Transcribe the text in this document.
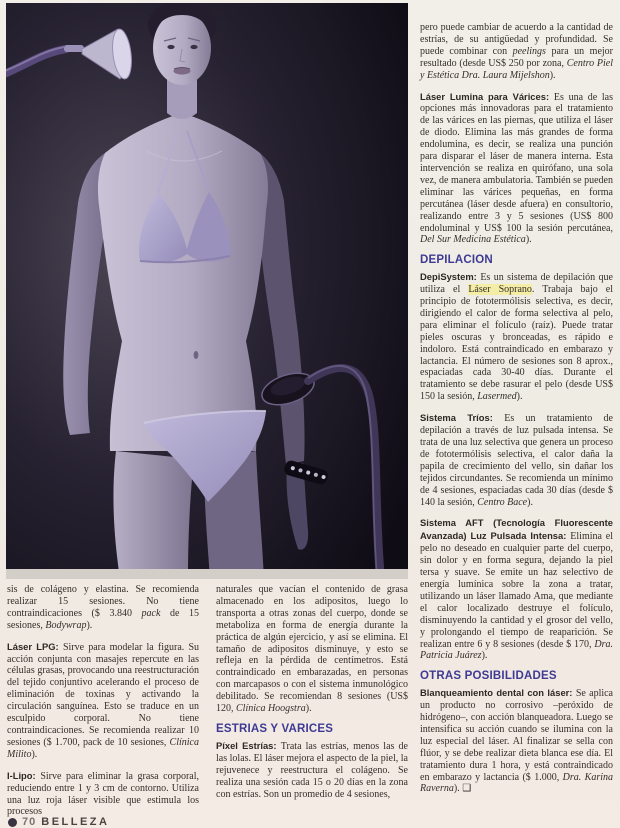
sis de colágeno y elastina. Se recomienda realizar 15 sesiones. No tiene contraindicaciones ($ 3.840 pack de 15 sesiones, Bodywrap).

Láser LPG: Sirve para modelar la figura. Su acción conjunta con masajes repercute en las células grasas, provocando una reestructuración del tejido conjuntivo acelerando el proceso de eliminación de toxinas y activando la circulación sanguínea. Esto se traduce en un esculpido corporal. No tiene contraindicaciones. Se recomienda realizar 10 sesiones ($ 1.700, pack de 10 sesiones, Clínica Milito).

I-Lipo: Sirve para eliminar la grasa corporal, reduciendo entre 1 y 3 cm de contorno. Utiliza una luz roja láser visible que estimula los procesos

naturales que vacían el contenido de grasa almacenado en los adipositos, luego lo transporta a otras zonas del cuerpo, donde se metaboliza en forma de energía durante la práctica de algún ejercicio, y así se elimina. El tamaño de adipositos disminuye, y esto se refleja en la pérdida de centímetros. Está contraindicado en embarazadas, en personas con marcapasos o con el sistema inmunológico debilitado. Se recomiendan 8 sesiones (US$ 120, Clínica Hoogstra).

ESTRIAS Y VARICES

Píxel Estrías: Trata las estrías, menos las de las lolas. El láser mejora el aspecto de la piel, la rejuvenece y reestructura el colágeno. Se realiza una sesión cada 15 o 20 días en la zona con estrías. Son un promedio de 4 sesiones,

pero puede cambiar de acuerdo a la cantidad de estrías, de su antigüedad y profundidad. Se puede combinar con peelings para un mejor resultado (desde US$ 250 por zona, Centro Piel y Estética Dra. Laura Mijelshon).

Láser Lumina para Várices: Es una de las opciones más innovadoras para el tratamiento de las várices en las piernas, que utiliza el láser de diodo. Elimina las más grandes de forma endolumina, es decir, se realiza una punción para disparar el láser de manera interna. Esta intervención se realiza en quirófano, una sola vez, de manera ambulatoria. También se pueden eliminar las várices pequeñas, en forma percutánea (láser desde afuera) en consultorio, realizando entre 3 y 5 sesiones (US$ 800 endoluminal y US$ 100 la sesión percutánea, Del Sur Medicina Estética).

DEPILACION

DepiSystem: Es un sistema de depilación que utiliza el Láser Soprano. Trabaja bajo el principio de fototermólisis selectiva, es decir, dirigiendo el calor de forma selectiva al pelo, para eliminar el folículo (raíz). Puede tratar pieles oscuras y bronceadas, es rápido e indoloro. Está contraindicado en embarazo y lactancia. El número de sesiones son 8 aprox., espaciadas cada 30-40 días. Durante el tratamiento se debe rasurar el pelo (desde US$ 150 la sesión, Lasermed).

Sistema Tríos: Es un tratamiento de depilación a través de luz pulsada intensa. Se trata de una luz selectiva que genera un proceso de fototermólisis selectiva, el calor daña la papila de crecimiento del vello, sin dañar los tejidos circundantes. Se recomienda un mínimo de 4 sesiones, espaciadas cada 30 días (desde $ 140 la sesión, Centro Bace).

Sistema AFT (Tecnología Fluorescente Avanzada) Luz Pulsada Intensa: Elimina el pelo no deseado en cualquier parte del cuerpo, sin dolor y en forma segura, dejando la piel tersa y suave. Se emite un haz selectivo de energía lumínica sobre la zona a tratar, utilizando un láser llamado Ama, que mediante el calor localizado destruye el folículo, disminuyendo la cantidad y el grosor del vello, y prolongando el tiempo de reaparición. Se realizan entre 6 y 8 sesiones (desde $ 170, Dra. Patricia Juárez).

OTRAS POSIBILIDADES

Blanqueamiento dental con láser: Se aplica un producto no corrosivo –peróxido de hidrógeno–, con acción blanqueadora. Luego se intensifica su acción cuando se ilumina con la luz especial del láser. Al finalizar se sella con flúor, y se debe realizar dieta blanca ese día. El tratamiento dura 1 hora, y está contraindicado en embarazo y lactancia ($ 1.000, Dra. Karina Raverna). ❑

70 BELLEZA
